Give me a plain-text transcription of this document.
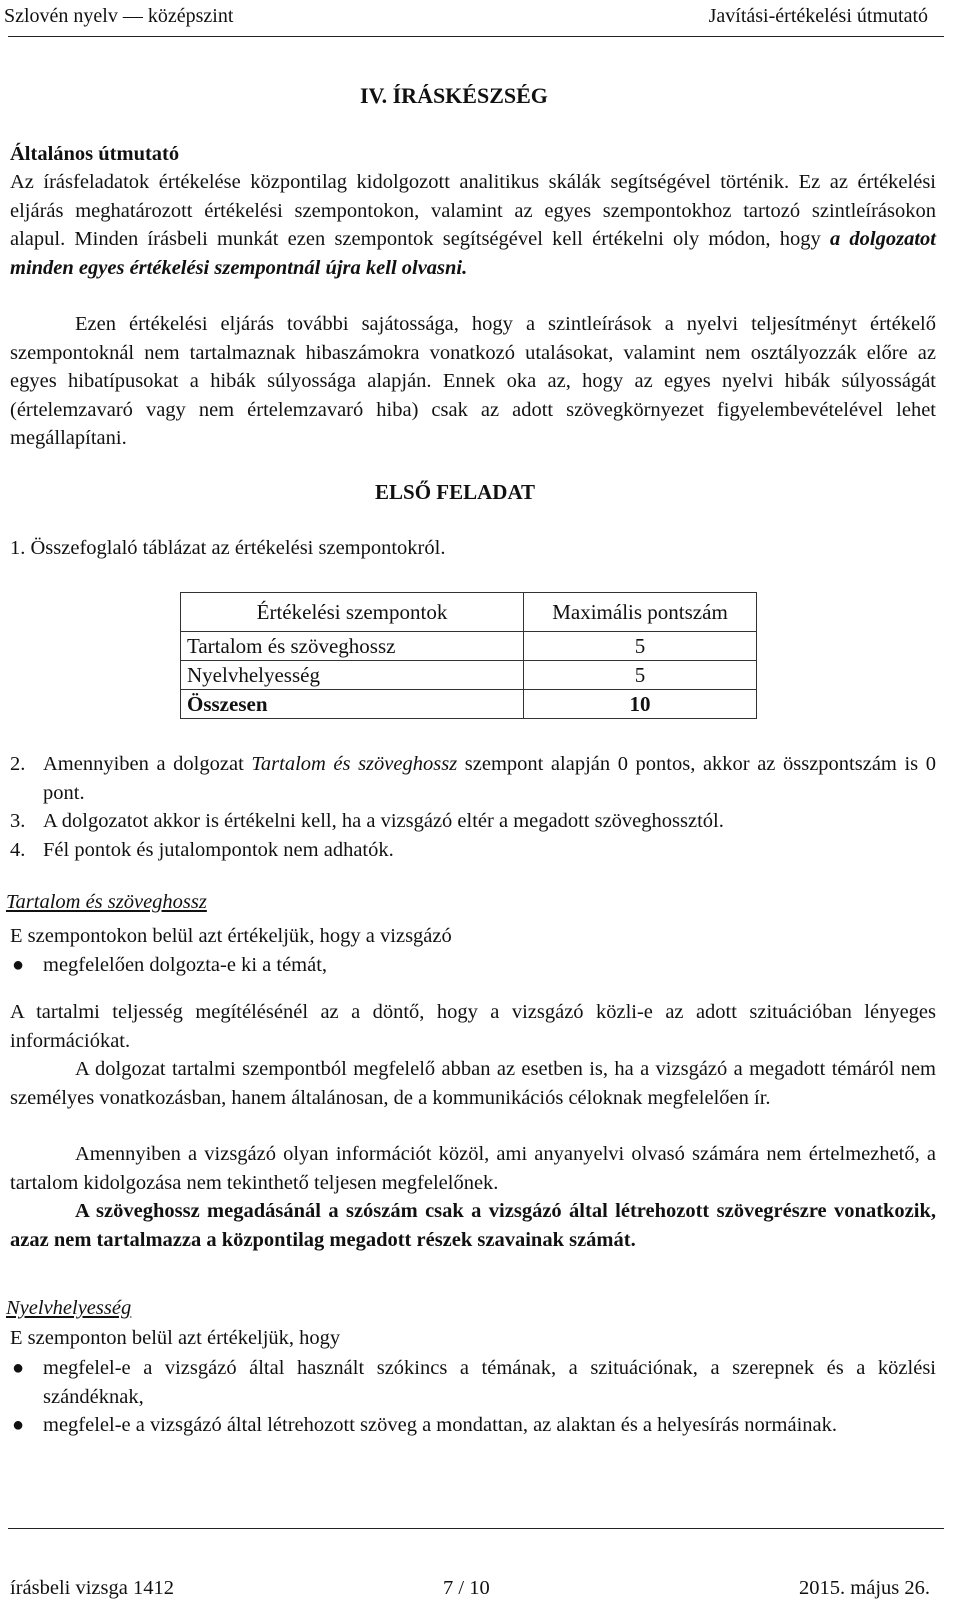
Szlovén nyelv — középszint	Javítási-értékelési útmutató
IV. ÍRÁSKÉSZSÉG
Általános útmutató
Az írásfeladatok értékelése központilag kidolgozott analitikus skálák segítségével történik. Ez az értékelési eljárás meghatározott értékelési szempontokon, valamint az egyes szempontokhoz tartozó szintleírásokon alapul. Minden írásbeli munkát ezen szempontok segítségével kell értékelni oly módon, hogy a dolgozatot minden egyes értékelési szempontnál újra kell olvasni.
Ezen értékelési eljárás további sajátossága, hogy a szintleírások a nyelvi teljesítményt értékelő szempontoknál nem tartalmaznak hibaszámokra vonatkozó utalásokat, valamint nem osztályozzák előre az egyes hibatípusokat a hibák súlyossága alapján. Ennek oka az, hogy az egyes nyelvi hibák súlyosságát (értelemzavaró vagy nem értelemzavaró hiba) csak az adott szövegkörnyezet figyelembevételével lehet megállapítani.
ELSŐ FELADAT
1. Összefoglaló táblázat az értékelési szempontokról.
Értékelési szempontok	Maximális pontszám
Tartalom és szöveghossz	5
Nyelvhelyesség	5
Összesen	10
2. Amennyiben a dolgozat Tartalom és szöveghossz szempont alapján 0 pontos, akkor az összpontszám is 0 pont.
3. A dolgozatot akkor is értékelni kell, ha a vizsgázó eltér a megadott szöveghossztól.
4. Fél pontok és jutalompontok nem adhatók.
Tartalom és szöveghossz
E szempontokon belül azt értékeljük, hogy a vizsgázó
● megfelelően dolgozta-e ki a témát,
A tartalmi teljesség megítélésénél az a döntő, hogy a vizsgázó közli-e az adott szituációban lényeges információkat.
A dolgozat tartalmi szempontból megfelelő abban az esetben is, ha a vizsgázó a megadott témáról nem személyes vonatkozásban, hanem általánosan, de a kommunikációs céloknak megfelelően ír.
Amennyiben a vizsgázó olyan információt közöl, ami anyanyelvi olvasó számára nem értelmezhető, a tartalom kidolgozása nem tekinthető teljesen megfelelőnek.
A szöveghossz megadásánál a szószám csak a vizsgázó által létrehozott szövegrészre vonatkozik, azaz nem tartalmazza a központilag megadott részek szavainak számát.
Nyelvhelyesség
E szemponton belül azt értékeljük, hogy
● megfelel-e a vizsgázó által használt szókincs a témának, a szituációnak, a szerepnek és a közlési szándéknak,
● megfelel-e a vizsgázó által létrehozott szöveg a mondattan, az alaktan és a helyesírás normáinak.
írásbeli vizsga 1412	7 / 10	2015. május 26.
